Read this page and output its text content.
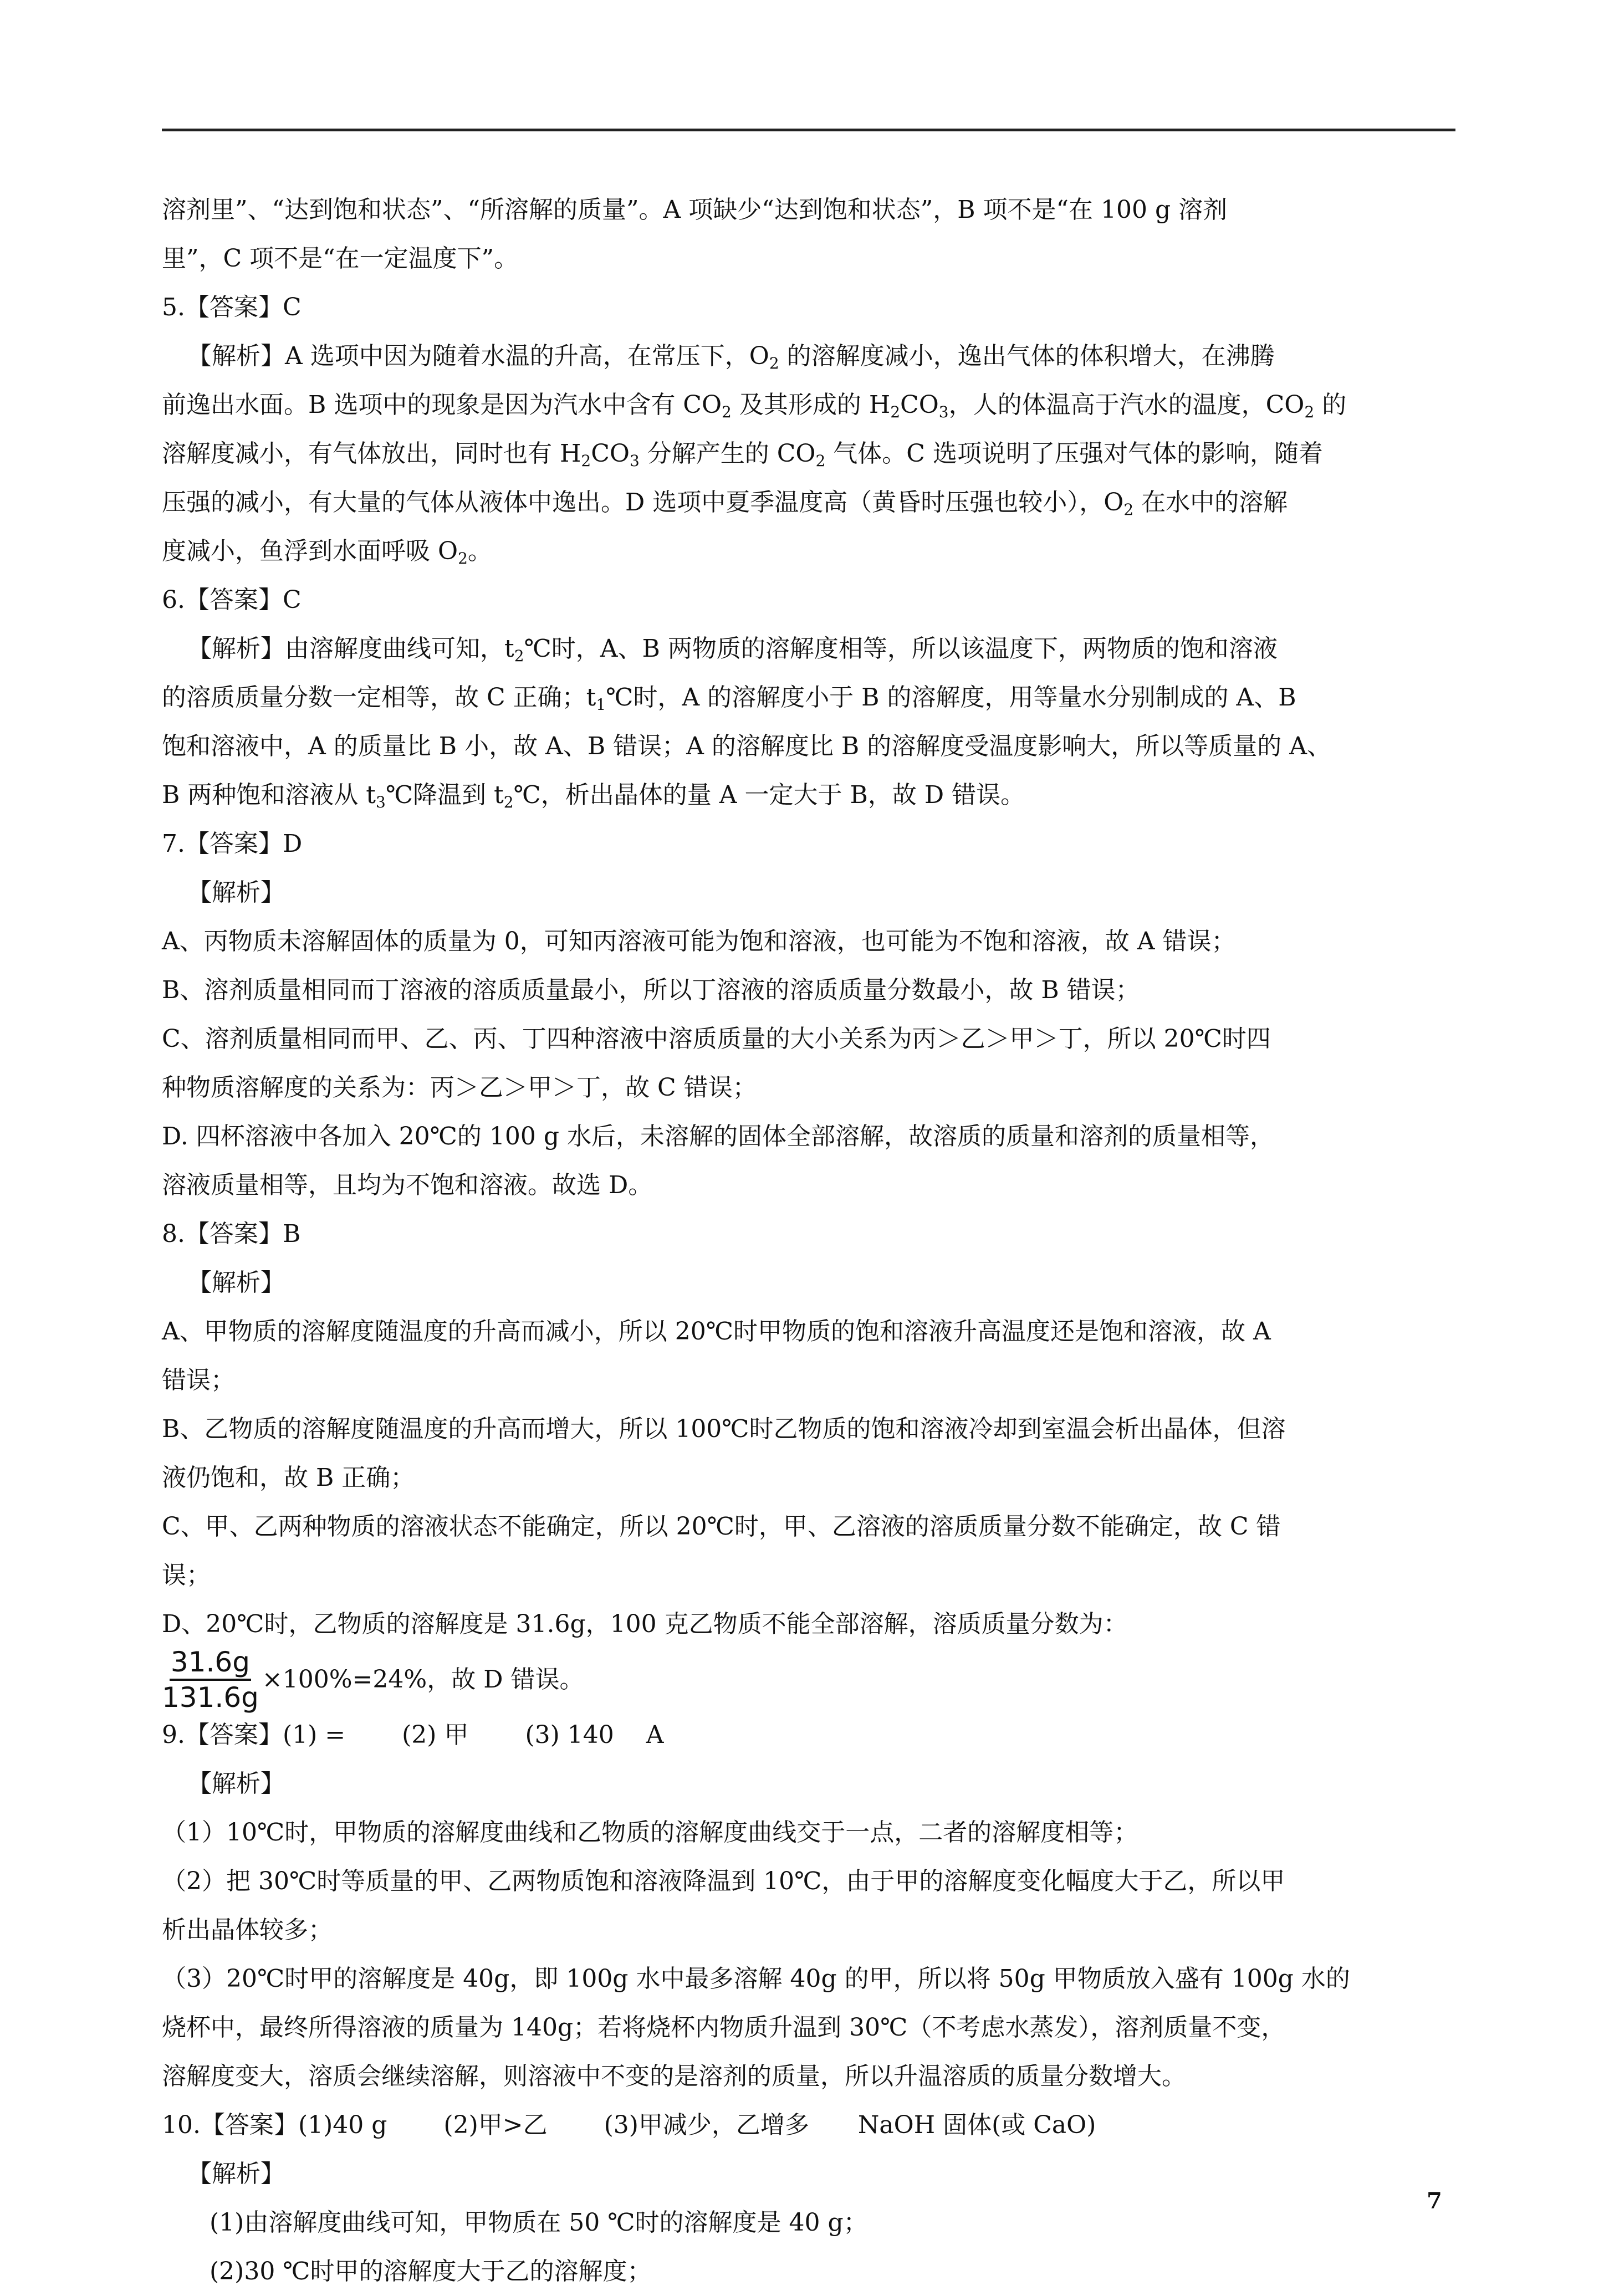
溶剂里”、“达到饱和状态”、“所溶解的质量”。A 项缺少“达到饱和状态”，B 项不是“在 100 g 溶剂
里”，C 项不是“在一定温度下”。
5.【答案】C
【解析】A 选项中因为随着水温的升高，在常压下，$O_2$ 的溶解度减小，逸出气体的体积增大，在沸腾
前逸出水面。B 选项中的现象是因为汽水中含有 $CO_2$ 及其形成的 $H_2CO_3$，人的体温高于汽水的温度，$CO_2$ 的
溶解度减小，有气体放出，同时也有 $H_2CO_3$ 分解产生的 $CO_2$ 气体。C 选项说明了压强对气体的影响，随着
压强的减小，有大量的气体从液体中逸出。D 选项中夏季温度高（黄昏时压强也较小），$O_2$ 在水中的溶解
度减小，鱼浮到水面呼吸 $O_2$。
6.【答案】C
【解析】由溶解度曲线可知，$t_2℃$时，A、B 两物质的溶解度相等，所以该温度下，两物质的饱和溶液
的溶质质量分数一定相等，故 C 正确；$t_1℃$时，A 的溶解度小于 B 的溶解度，用等量水分别制成的 A、B
饱和溶液中，A 的质量比 B 小，故 A、B 错误；A 的溶解度比 B 的溶解度受温度影响大，所以等质量的 A、
B 两种饱和溶液从 $t_3℃$降温到 $t_2℃$，析出晶体的量 A 一定大于 B，故 D 错误。
7.【答案】D
【解析】
A、丙物质未溶解固体的质量为 0，可知丙溶液可能为饱和溶液，也可能为不饱和溶液，故 A 错误；
B、溶剂质量相同而丁溶液的溶质质量最小，所以丁溶液的溶质质量分数最小，故 B 错误；
C、溶剂质量相同而甲、乙、丙、丁四种溶液中溶质质量的大小关系为丙＞乙＞甲＞丁，所以 20℃时四
种物质溶解度的关系为：丙＞乙＞甲＞丁，故 C 错误；
D. 四杯溶液中各加入 20℃的 100 g 水后，未溶解的固体全部溶解，故溶质的质量和溶剂的质量相等，
溶液质量相等，且均为不饱和溶液。故选 D。
8.【答案】B
【解析】
A、甲物质的溶解度随温度的升高而减小，所以 20℃时甲物质的饱和溶液升高温度还是饱和溶液，故 A
错误；
B、乙物质的溶解度随温度的升高而增大，所以 100℃时乙物质的饱和溶液冷却到室温会析出晶体，但溶
液仍饱和，故 B 正确；
C、甲、乙两种物质的溶液状态不能确定，所以 20℃时，甲、乙溶液的溶质质量分数不能确定，故 C 错
误；
D、20℃时，乙物质的溶解度是 31.6g，100 克乙物质不能全部溶解，溶质质量分数为：
$\frac{31.6g}{131.6g} \times 100\%=24\%$，故 D 错误。
9.【答案】(1) =　　 (2) 甲　　 (3) 140　 A
【解析】
（1）10℃时，甲物质的溶解度曲线和乙物质的溶解度曲线交于一点，二者的溶解度相等；
（2）把 30℃时等质量的甲、乙两物质饱和溶液降温到 10℃，由于甲的溶解度变化幅度大于乙，所以甲
析出晶体较多；
（3）20℃时甲的溶解度是 40g，即 100g 水中最多溶解 40g 的甲，所以将 50g 甲物质放入盛有 100g 水的
烧杯中，最终所得溶液的质量为 140g；若将烧杯内物质升温到 30℃（不考虑水蒸发），溶剂质量不变，
溶解度变大，溶质会继续溶解，则溶液中不变的是溶剂的质量，所以升温溶质的质量分数增大。
10.【答案】(1)40 g　　 (2)甲>乙　　 (3)甲减少，乙增多　　NaOH 固体(或 CaO)
【解析】
(1)由溶解度曲线可知，甲物质在 50 ℃时的溶解度是 40 g；
(2)30 ℃时甲的溶解度大于乙的溶解度；
7
